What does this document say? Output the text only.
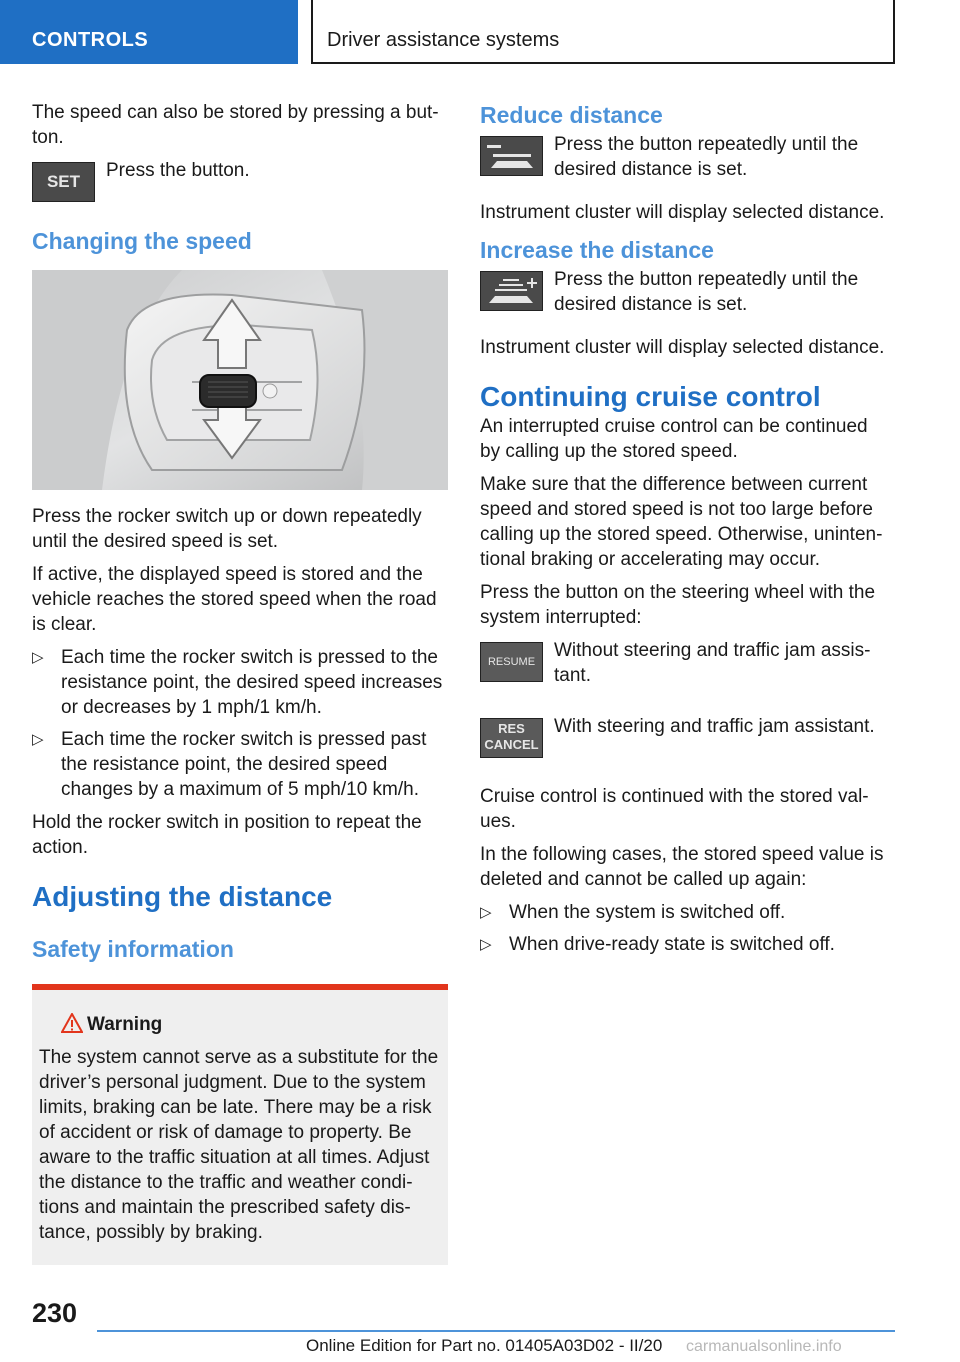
CONTROLS	Driver assistance systems

The speed can also be stored by pressing a but-ton.

SET
Press the button.
Changing the speed

Press the rocker switch up or down repeatedly until the desired speed is set.

If active, the displayed speed is stored and the vehicle reaches the stored speed when the road is clear.

▷ Each time the rocker switch is pressed to the resistance point, the desired speed increases or decreases by 1 mph/1 km/h.
▷ Each time the rocker switch is pressed past the resistance point, the desired speed changes by a maximum of 5 mph/10 km/h.

Hold the rocker switch in position to repeat the action.

Adjusting the distance
Safety information
Warning
The system cannot serve as a substitute for the driver’s personal judgment. Due to the system limits, braking can be late. There may be a risk of accident or risk of damage to property. Be aware to the traffic situation at all times. Adjust the distance to the traffic and weather condi-tions and maintain the prescribed safety dis-tance, possibly by braking.
Reduce distance
Press the button repeatedly until the desired distance is set.

Instrument cluster will display selected distance.

Increase the distance
Press the button repeatedly until the desired distance is set.

Instrument cluster will display selected distance.

Continuing cruise control

An interrupted cruise control can be continued by calling up the stored speed.

Make sure that the difference between current speed and stored speed is not too large before calling up the stored speed. Otherwise, uninten-tional braking or accelerating may occur.

Press the button on the steering wheel with the system interrupted:

RESUME
Without steering and traffic jam assis-tant.
RES
CANCEL
With steering and traffic jam assistant.

Cruise control is continued with the stored val-ues.

In the following cases, the stored speed value is deleted and cannot be called up again:

▷ When the system is switched off.
▷ When drive-ready state is switched off.
230
Online Edition for Part no. 01405A03D02 - II/20 carmanualsonline.info
